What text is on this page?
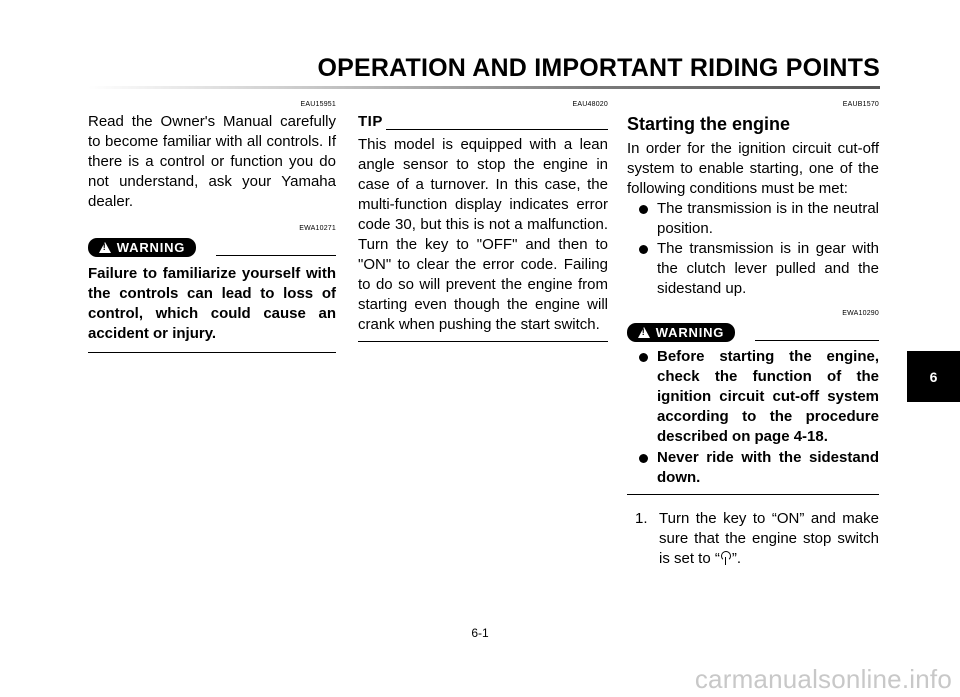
OPERATION AND IMPORTANT RIDING POINTS
EAU15951

Read the Owner's Manual carefully to become familiar with all controls. If there is a control or function you do not understand, ask your Yamaha dealer.

EWA10271
!
WARNING
Failure to familiarize yourself with the controls can lead to loss of control, which could cause an accident or injury.
EAU48020
TIP

This model is equipped with a lean angle sensor to stop the engine in case of a turnover. In this case, the multi-function display indicates error code 30, but this is not a malfunction. Turn the key to "OFF" and then to "ON" to clear the error code. Failing to do so will prevent the engine from starting even though the engine will crank when pushing the start switch.

EAUB1570
Starting the engine

In order for the ignition circuit cut-off system to enable starting, one of the following conditions must be met:

The transmission is in the neutral position.
The transmission is in gear with the clutch lever pulled and the sidestand up.
EWA10290
!
WARNING
Before starting the engine, check the function of the ignition circuit cut-off system according to the procedure described on page 4-18.
Never ride with the sidestand down.
1. Turn the key to “ON” and make sure that the engine stop switch is set to “ ”.
6
6-1
carmanualsonline.info
